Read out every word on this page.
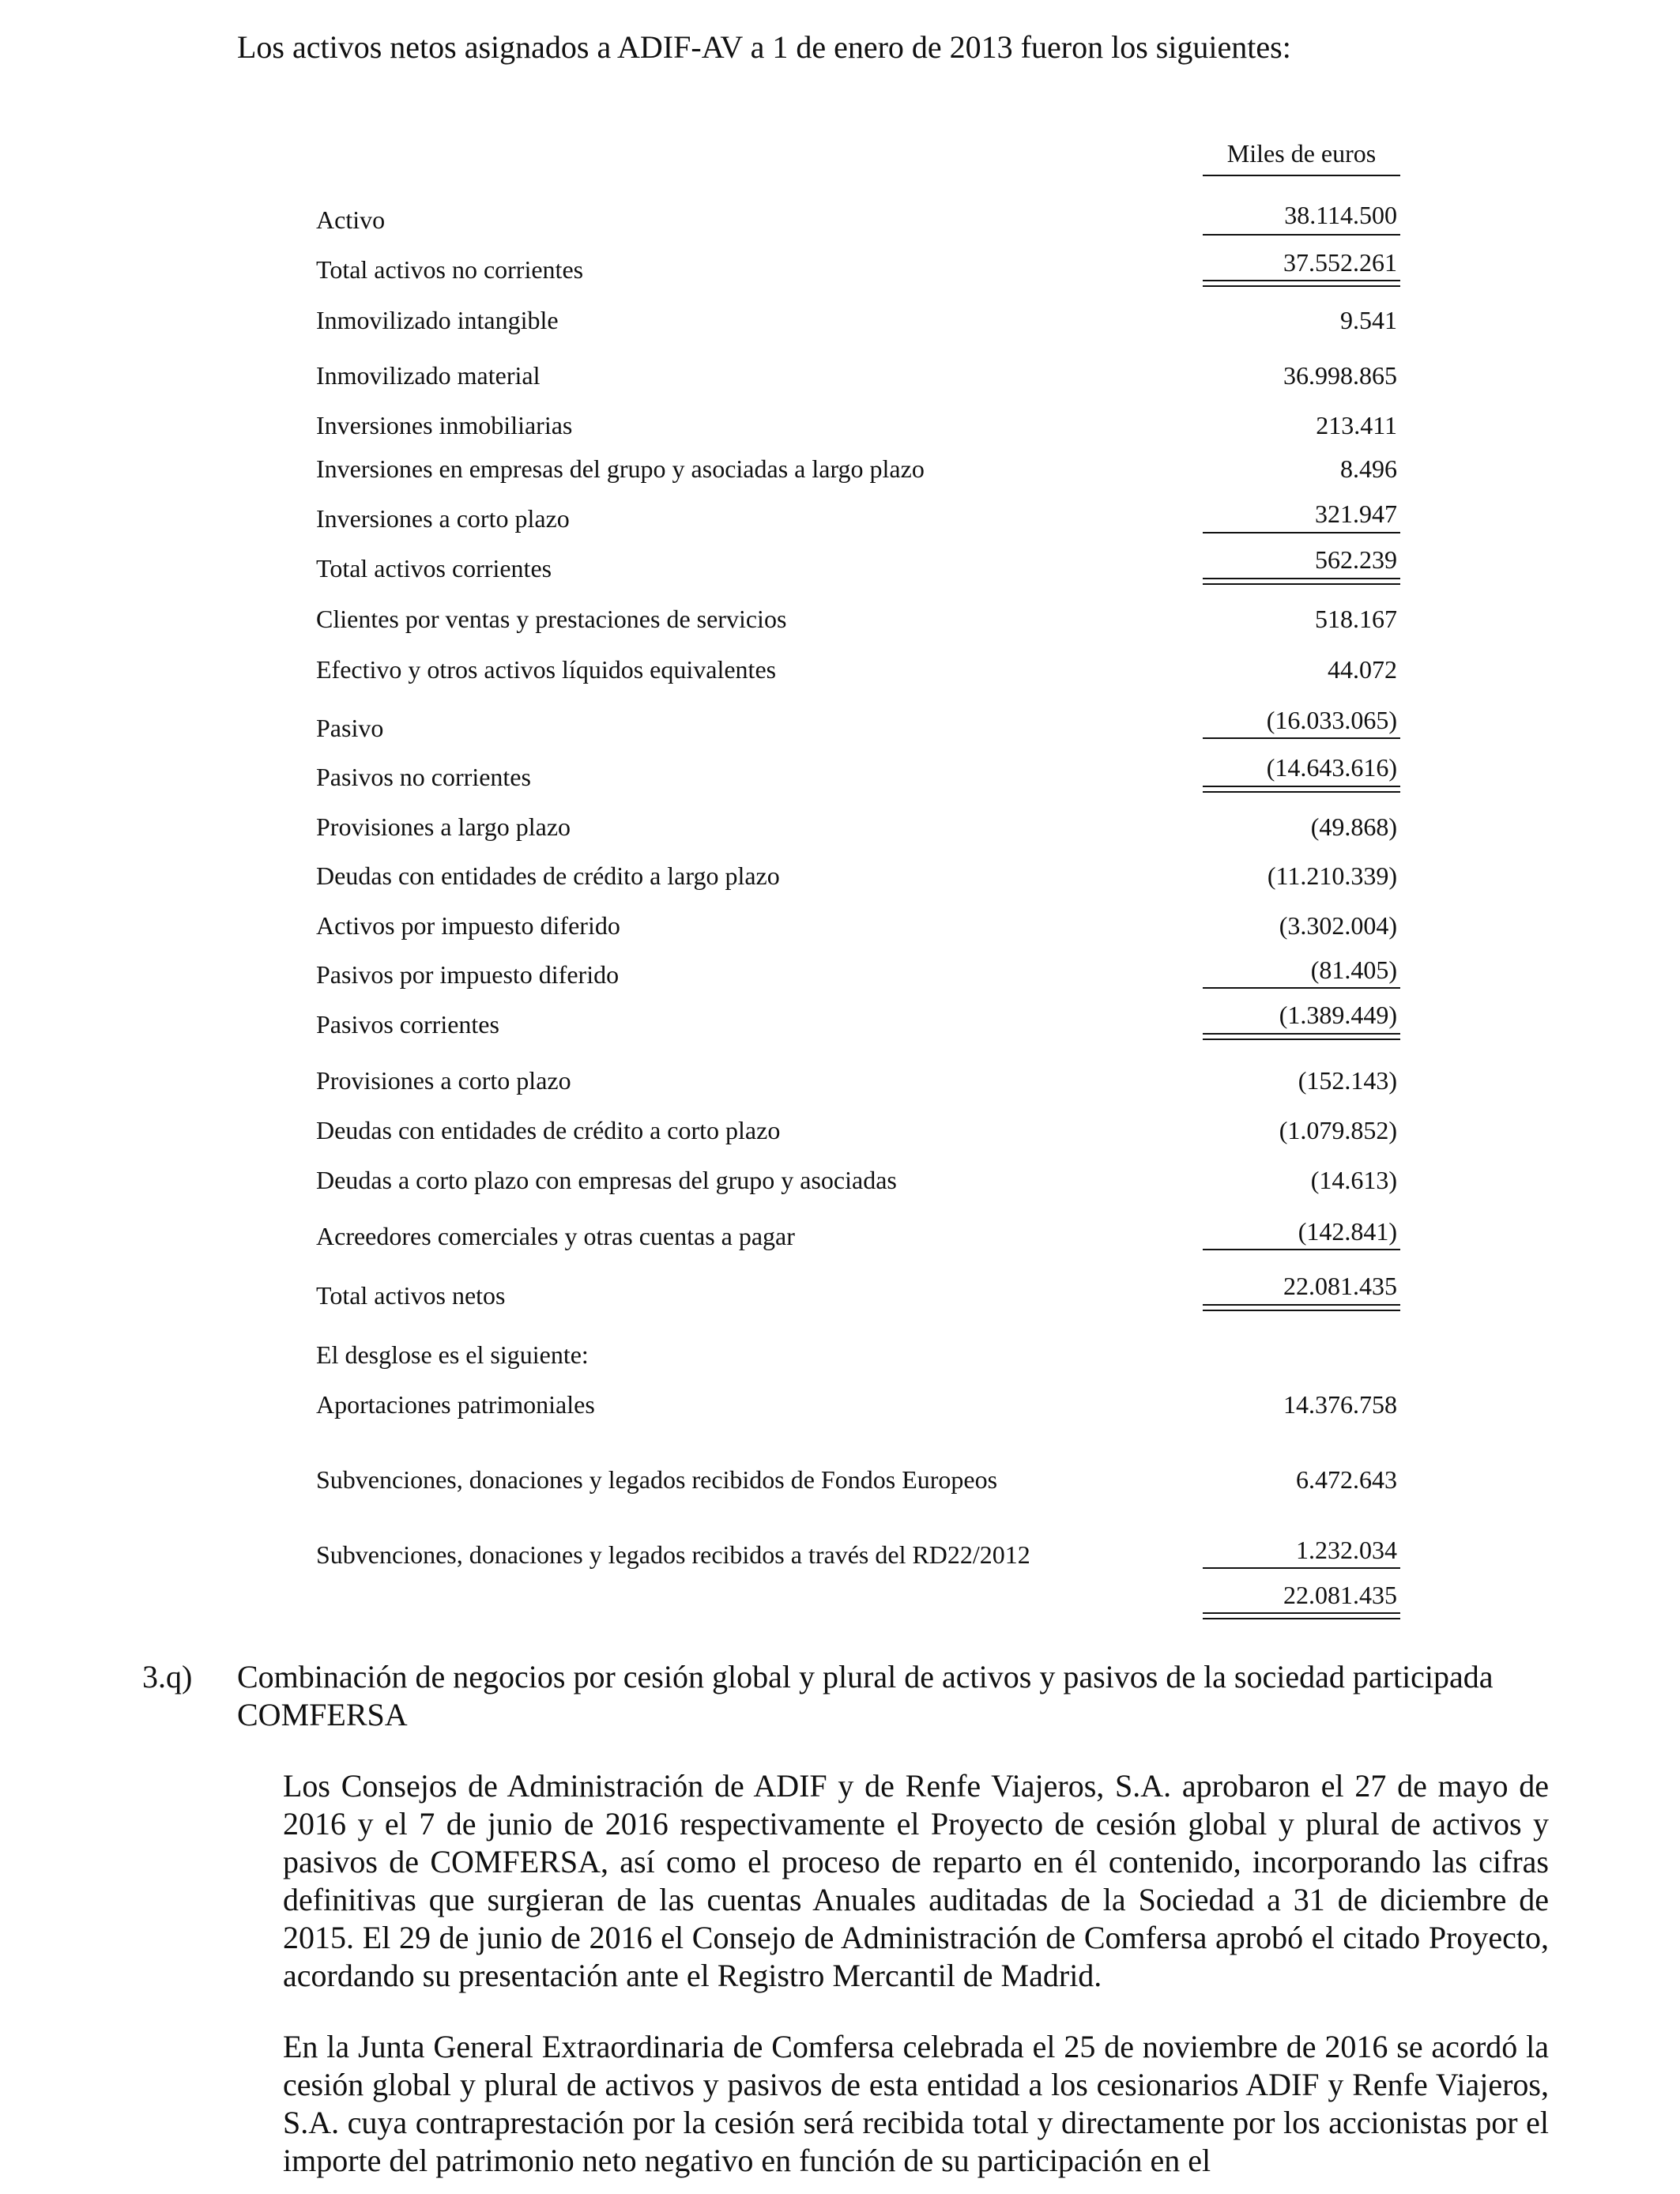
Los activos netos asignados a ADIF-AV a 1 de enero de 2013 fueron los siguientes:

Miles de euros
Activo	38.114.500
Total activos no corrientes	37.552.261
Inmovilizado intangible	9.541
Inmovilizado material	36.998.865
Inversiones inmobiliarias	213.411
Inversiones en empresas del grupo y asociadas a largo plazo	8.496
Inversiones a corto plazo	321.947
Total activos corrientes	562.239
Clientes por ventas y prestaciones de servicios	518.167
Efectivo y otros activos líquidos equivalentes	44.072
Pasivo	(16.033.065)
Pasivos no corrientes	(14.643.616)
Provisiones a largo plazo	(49.868)
Deudas con entidades de crédito a largo plazo	(11.210.339)
Activos por impuesto diferido	(3.302.004)
Pasivos por impuesto diferido	(81.405)
Pasivos corrientes	(1.389.449)
Provisiones a corto plazo	(152.143)
Deudas con entidades de crédito a corto plazo	(1.079.852)
Deudas a corto plazo con empresas del grupo y asociadas	(14.613)
Acreedores comerciales y otras cuentas a pagar	(142.841)
Total activos netos	22.081.435
El desglose es el siguiente:
Aportaciones patrimoniales	14.376.758
Subvenciones, donaciones y legados recibidos de Fondos Europeos	6.472.643
Subvenciones, donaciones y legados recibidos a través del RD22/2012	1.232.034
22.081.435
3.q) Combinación de negocios por cesión global y plural de activos y pasivos de la sociedad participada COMFERSA

Los Consejos de Administración de ADIF y de Renfe Viajeros, S.A. aprobaron el 27 de mayo de 2016 y el 7 de junio de 2016 respectivamente el Proyecto de cesión global y plural de activos y pasivos de COMFERSA, así como el proceso de reparto en él contenido, incorporando las cifras definitivas que surgieran de las cuentas Anuales auditadas de la Sociedad a 31 de diciembre de 2015. El 29 de junio de 2016 el Consejo de Administración de Comfersa aprobó el citado Proyecto, acordando su presentación ante el Registro Mercantil de Madrid.

En la Junta General Extraordinaria de Comfersa celebrada el 25 de noviembre de 2016 se acordó la cesión global y plural de activos y pasivos de esta entidad a los cesionarios ADIF y Renfe Viajeros, S.A. cuya contraprestación por la cesión será recibida total y directamente por los accionistas por el importe del patrimonio neto negativo en función de su participación en el
